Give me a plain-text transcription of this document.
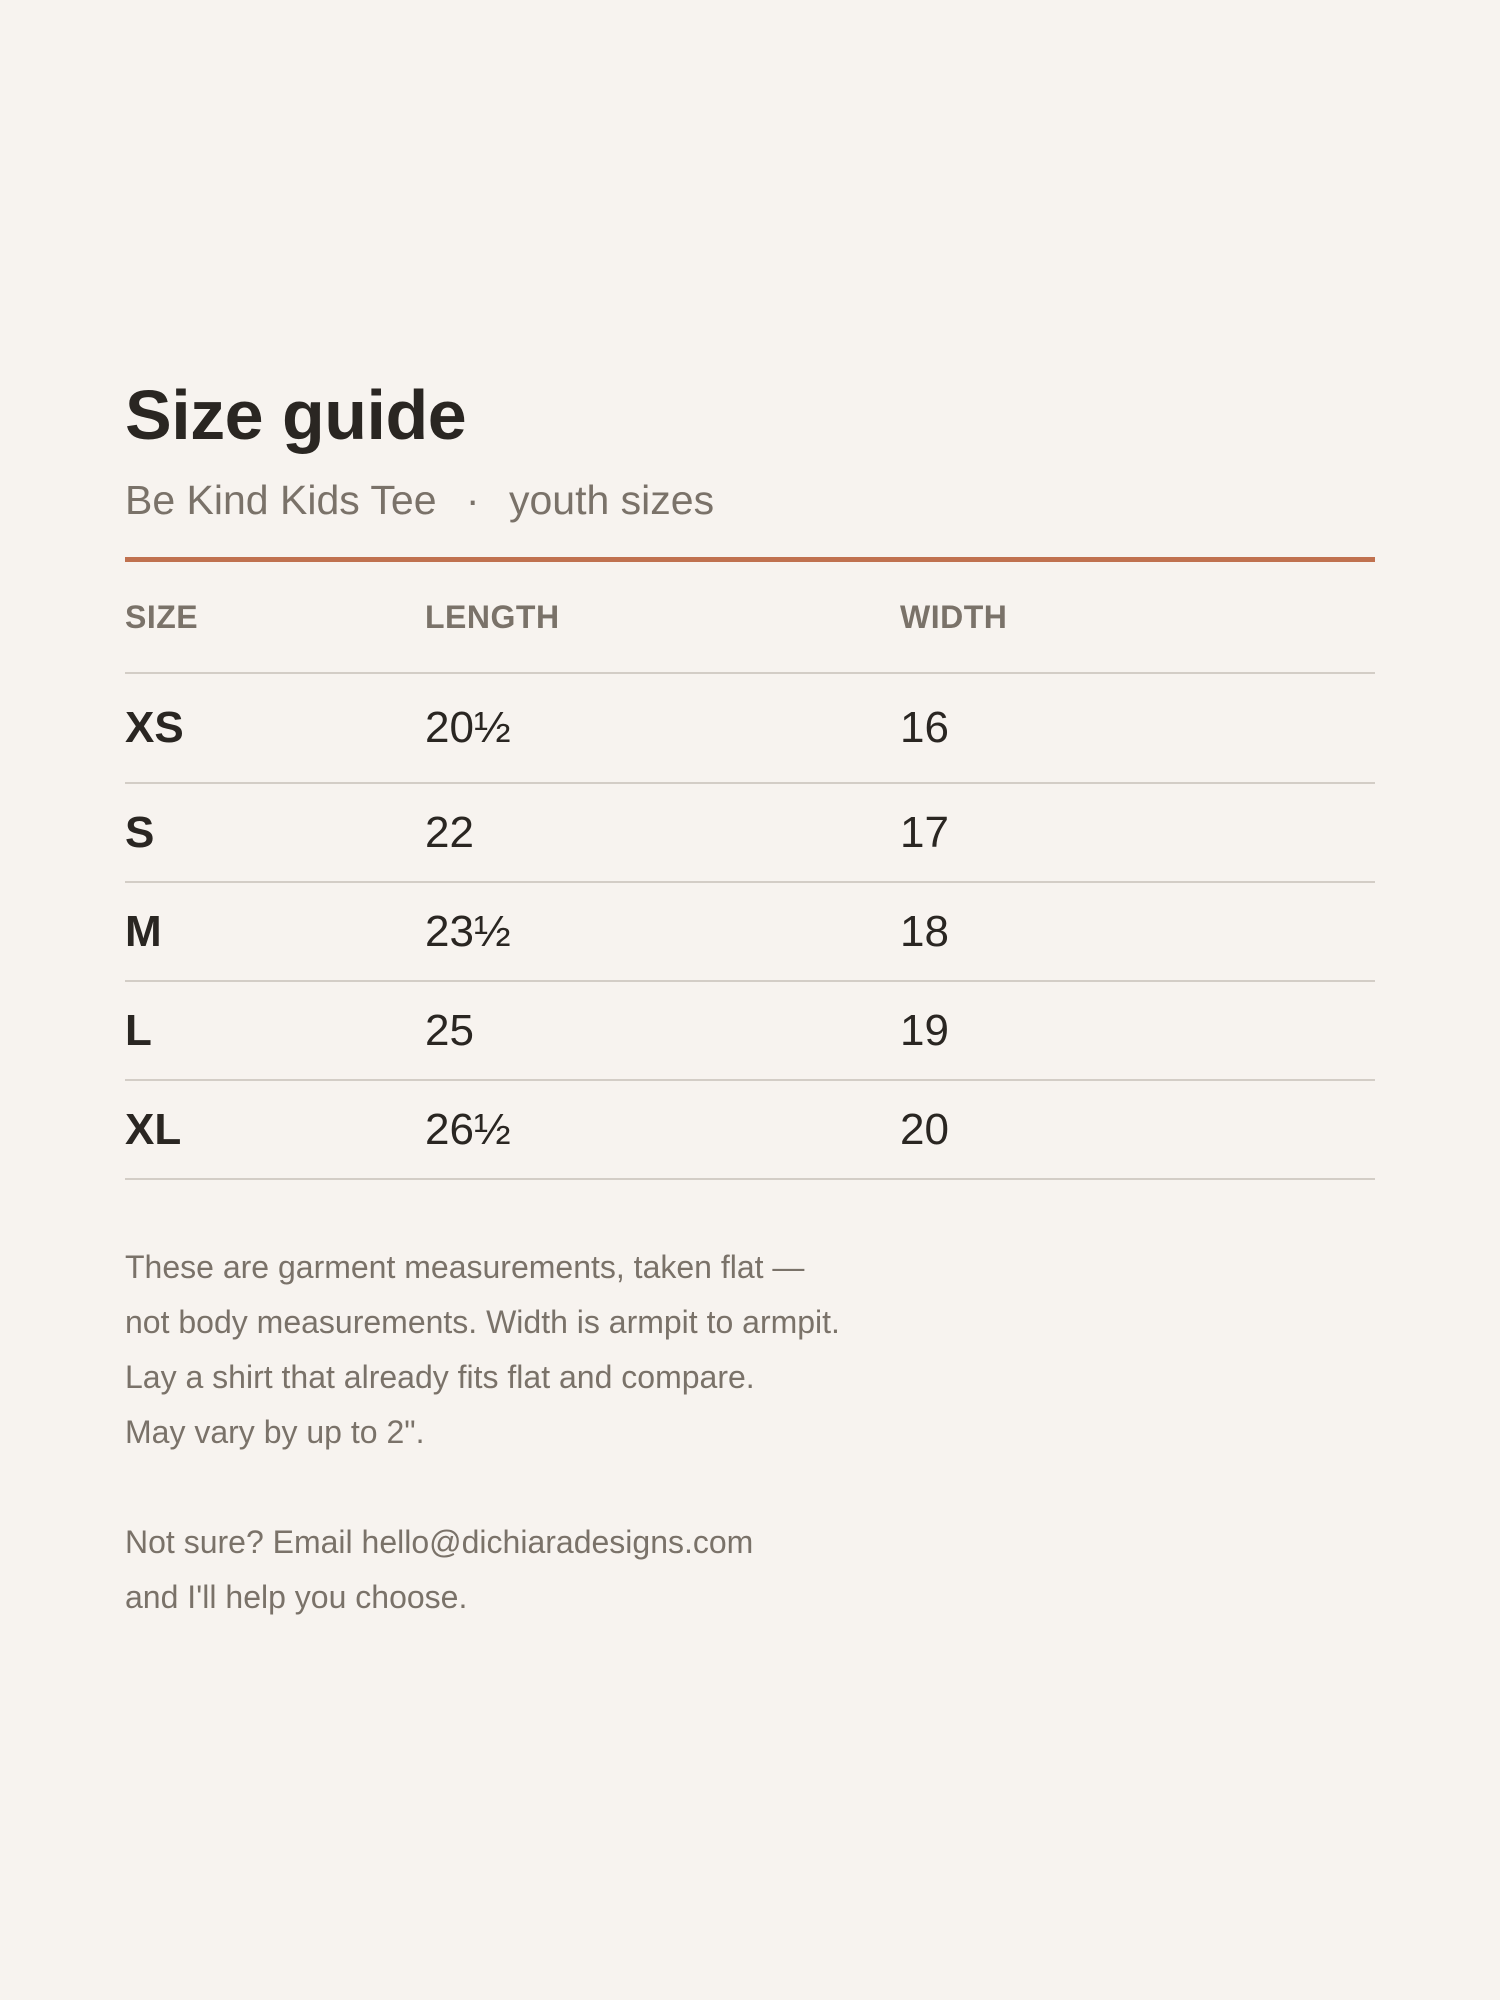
Size guide
Be Kind Kids Tee · youth sizes
SIZE	LENGTH	WIDTH
XS	20½	16
S	22	17
M	23½	18
L	25	19
XL	26½	20

These are garment measurements, taken flat —

not body measurements. Width is armpit to armpit.

Lay a shirt that already fits flat and compare.

May vary by up to 2".

Not sure? Email hello@dichiaradesigns.com

and I'll help you choose.
